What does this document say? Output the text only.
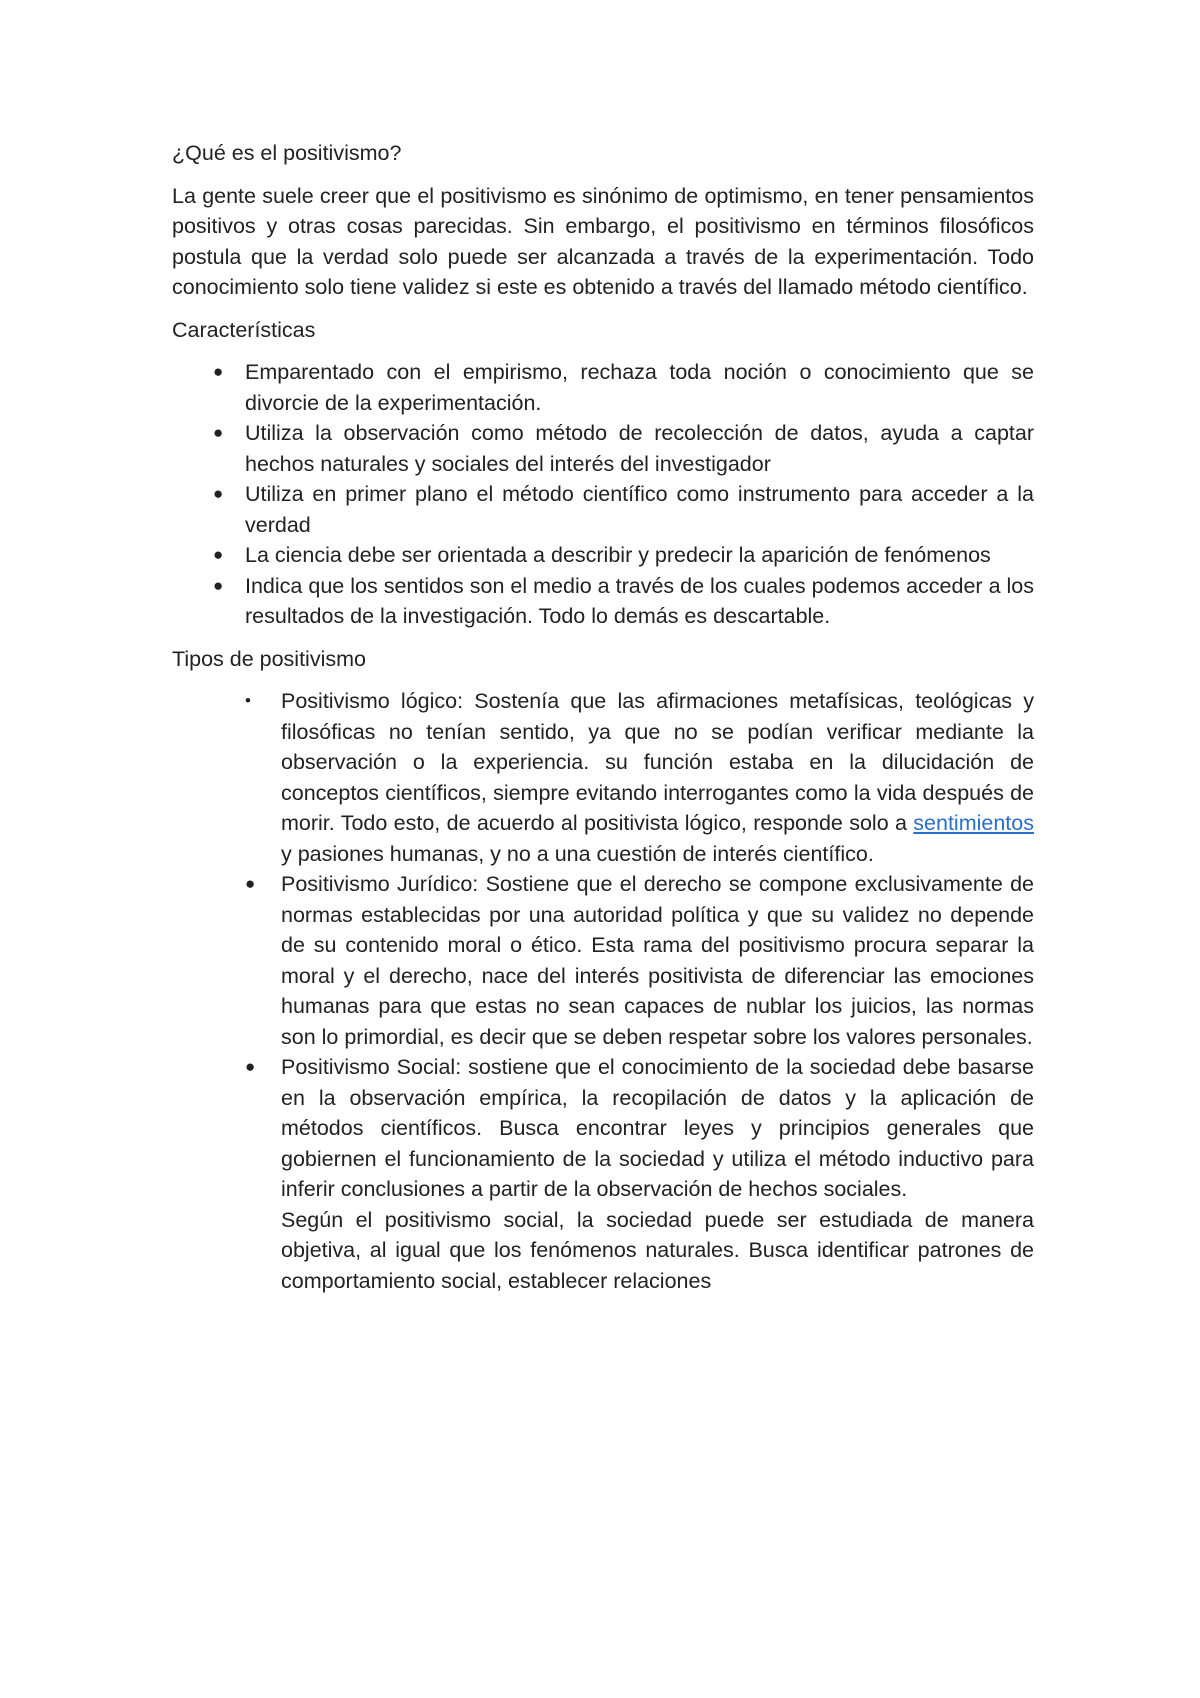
¿Qué es el positivismo?

La gente suele creer que el positivismo es sinónimo de optimismo, en tener pensamientos positivos y otras cosas parecidas. Sin embargo, el positivismo en términos filosóficos postula que la verdad solo puede ser alcanzada a través de la experimentación. Todo conocimiento solo tiene validez si este es obtenido a través del llamado método científico.

Características

● Emparentado con el empirismo, rechaza toda noción o conocimiento que se divorcie de la experimentación.
● Utiliza la observación como método de recolección de datos, ayuda a captar hechos naturales y sociales del interés del investigador
● Utiliza en primer plano el método científico como instrumento para acceder a la verdad
● La ciencia debe ser orientada a describir y predecir la aparición de fenómenos
● Indica que los sentidos son el medio a través de los cuales podemos acceder a los resultados de la investigación. Todo lo demás es descartable.

Tipos de positivismo

• Positivismo lógico: Sostenía que las afirmaciones metafísicas, teológicas y filosóficas no tenían sentido, ya que no se podían verificar mediante la observación o la experiencia. su función estaba en la dilucidación de conceptos científicos, siempre evitando interrogantes como la vida después de morir. Todo esto, de acuerdo al positivista lógico, responde solo a sentimientos y pasiones humanas, y no a una cuestión de interés científico.
● Positivismo Jurídico: Sostiene que el derecho se compone exclusivamente de normas establecidas por una autoridad política y que su validez no depende de su contenido moral o ético. Esta rama del positivismo procura separar la moral y el derecho, nace del interés positivista de diferenciar las emociones humanas para que estas no sean capaces de nublar los juicios, las normas son lo primordial, es decir que se deben respetar sobre los valores personales.
● Positivismo Social: sostiene que el conocimiento de la sociedad debe basarse en la observación empírica, la recopilación de datos y la aplicación de métodos científicos. Busca encontrar leyes y principios generales que gobiernen el funcionamiento de la sociedad y utiliza el método inductivo para inferir conclusiones a partir de la observación de hechos sociales.
Según el positivismo social, la sociedad puede ser estudiada de manera objetiva, al igual que los fenómenos naturales. Busca identificar patrones de comportamiento social, establecer relaciones
